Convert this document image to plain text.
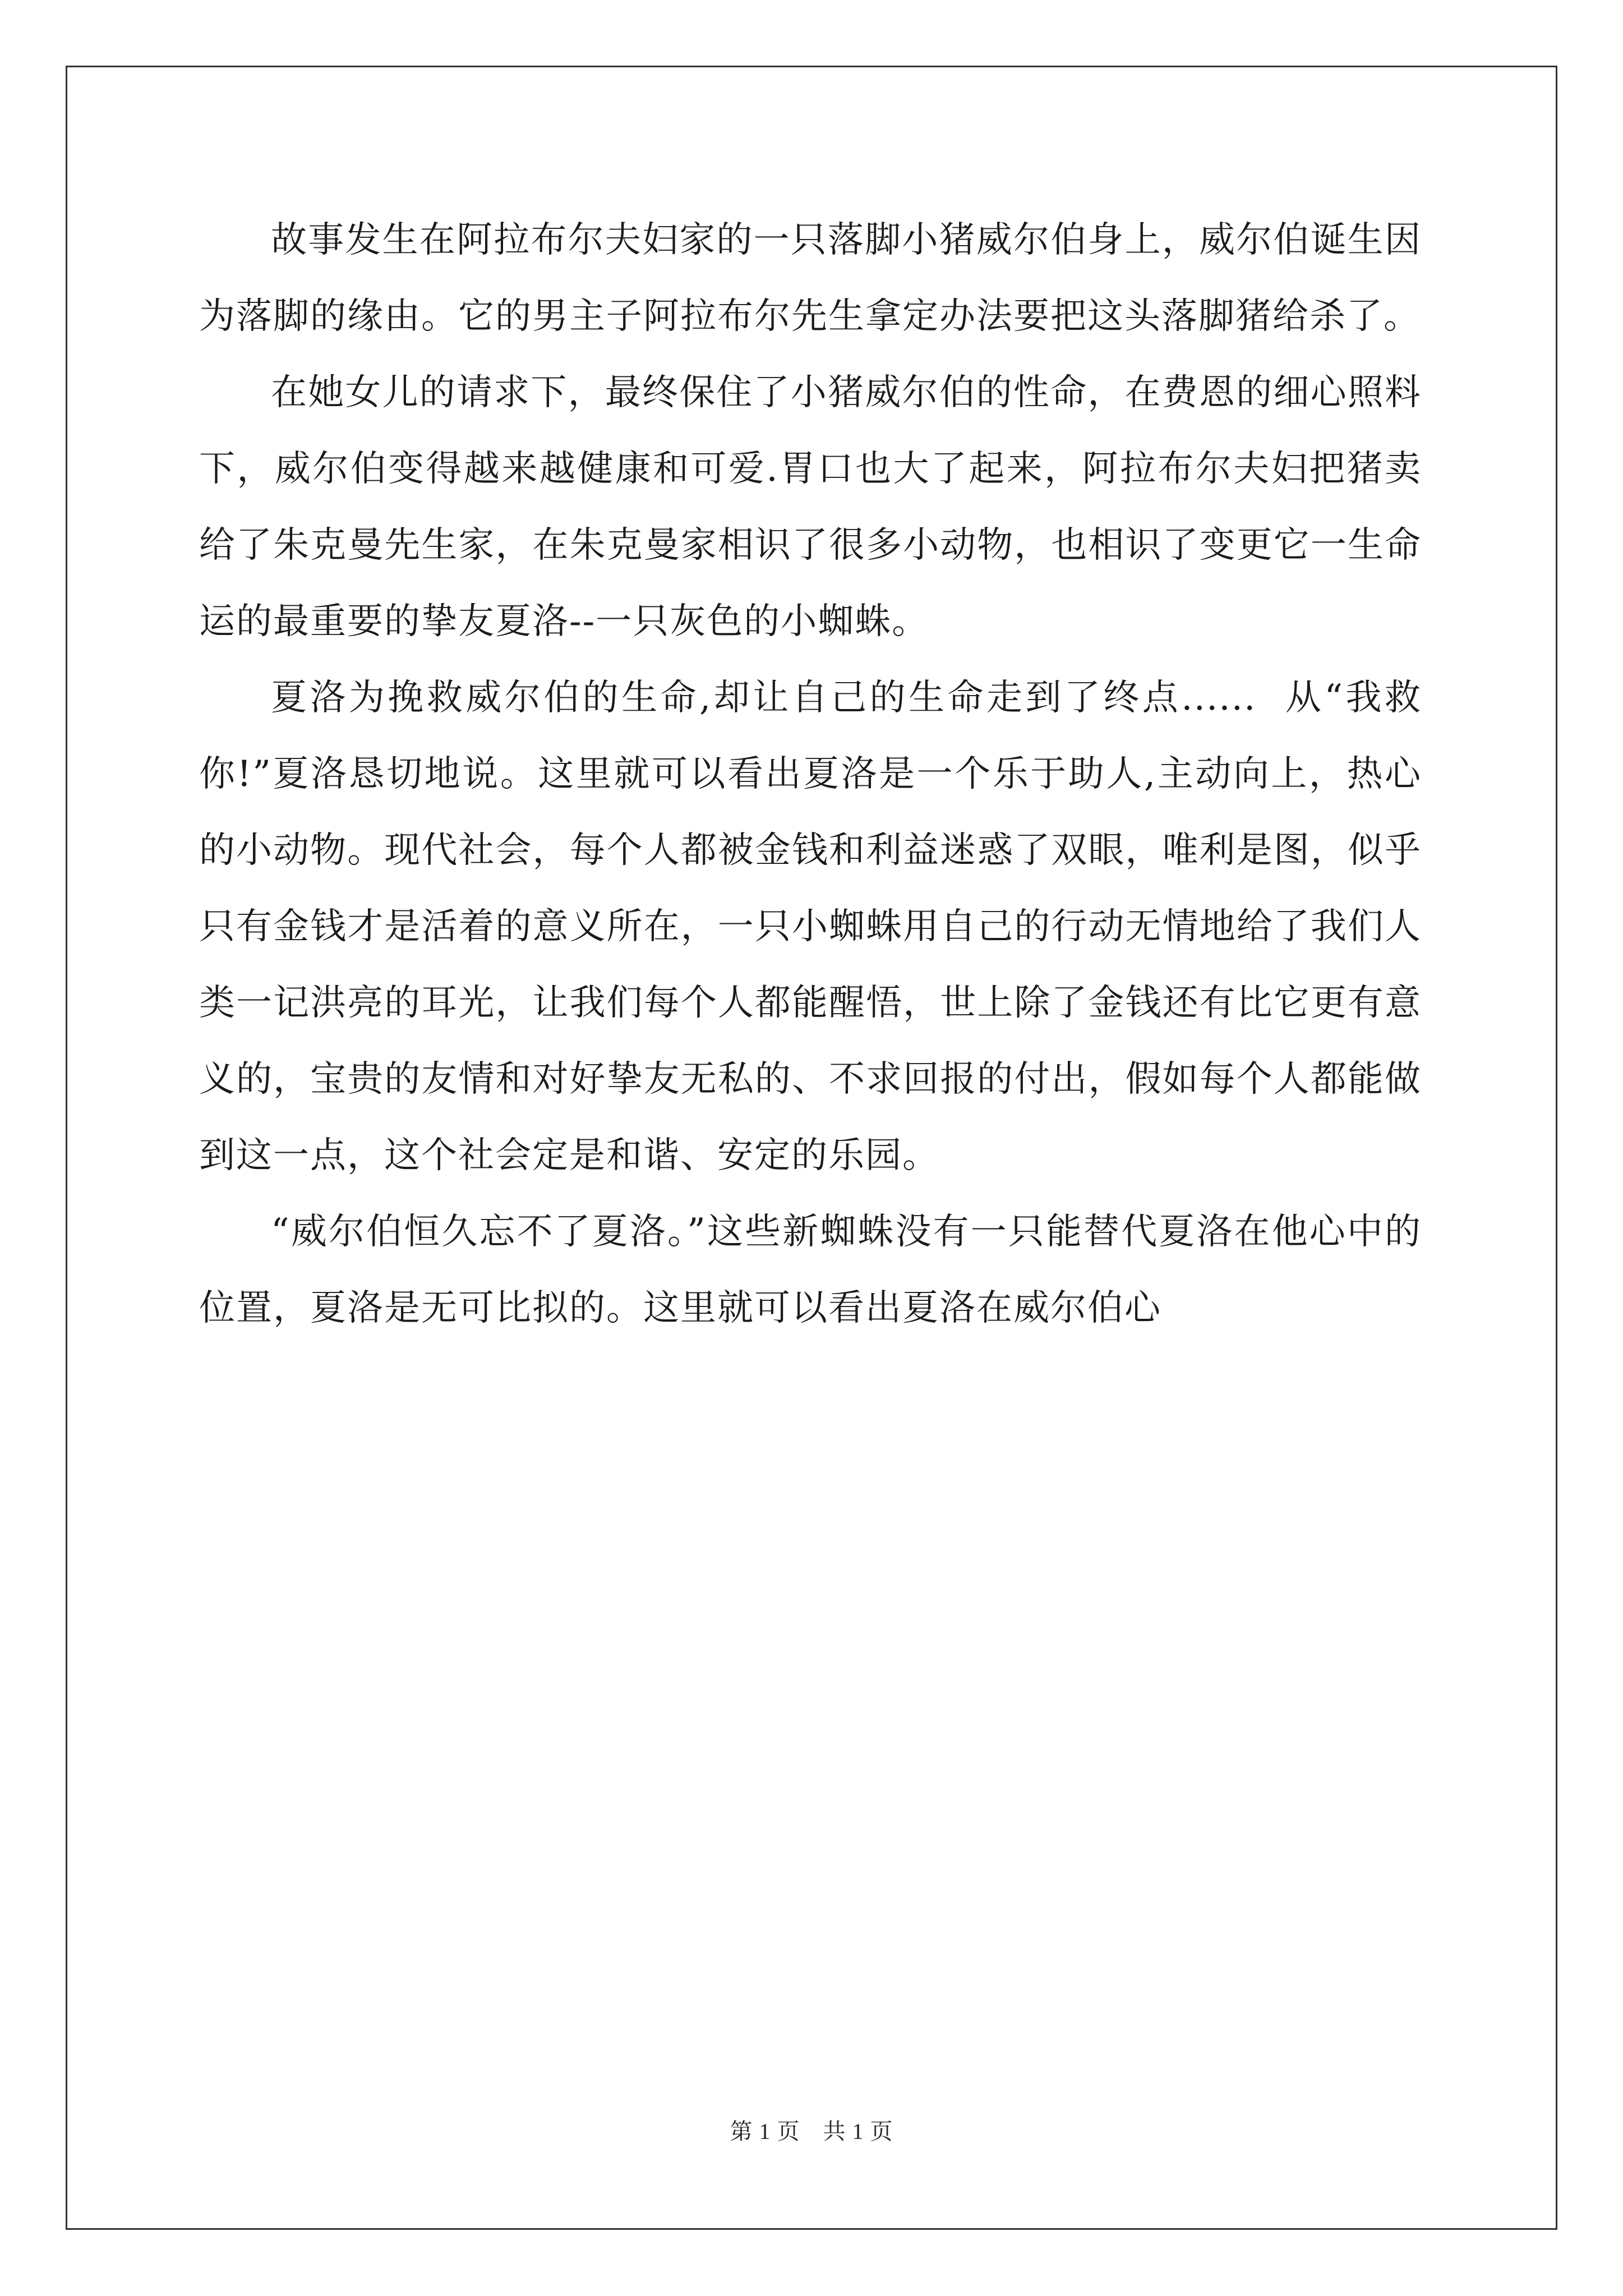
故事发生在阿拉布尔夫妇家的一只落脚小猪威尔伯身上，威尔伯诞生因为落脚的缘由。它的男主子阿拉布尔先生拿定办法要把这头落脚猪给杀了。

在她女儿的请求下，最终保住了小猪威尔伯的性命，在费恩的细心照料下，威尔伯变得越来越健康和可爱.胃口也大了起来，阿拉布尔夫妇把猪卖给了朱克曼先生家，在朱克曼家相识了很多小动物，也相识了变更它一生命运的最重要的挚友夏洛--一只灰色的小蜘蛛。

夏洛为挽救威尔伯的生命,却让自己的生命走到了终点......  从“我救你!”夏洛恳切地说。这里就可以看出夏洛是一个乐于助人,主动向上，热心的小动物。现代社会，每个人都被金钱和利益迷惑了双眼，唯利是图，似乎只有金钱才是活着的意义所在，一只小蜘蛛用自己的行动无情地给了我们人类一记洪亮的耳光，让我们每个人都能醒悟，世上除了金钱还有比它更有意义的，宝贵的友情和对好挚友无私的、不求回报的付出，假如每个人都能做到这一点，这个社会定是和谐、安定的乐园。

“威尔伯恒久忘不了夏洛。”这些新蜘蛛没有一只能替代夏洛在他心中的位置，夏洛是无可比拟的。这里就可以看出夏洛在威尔伯心

第 1 页　共 1 页
